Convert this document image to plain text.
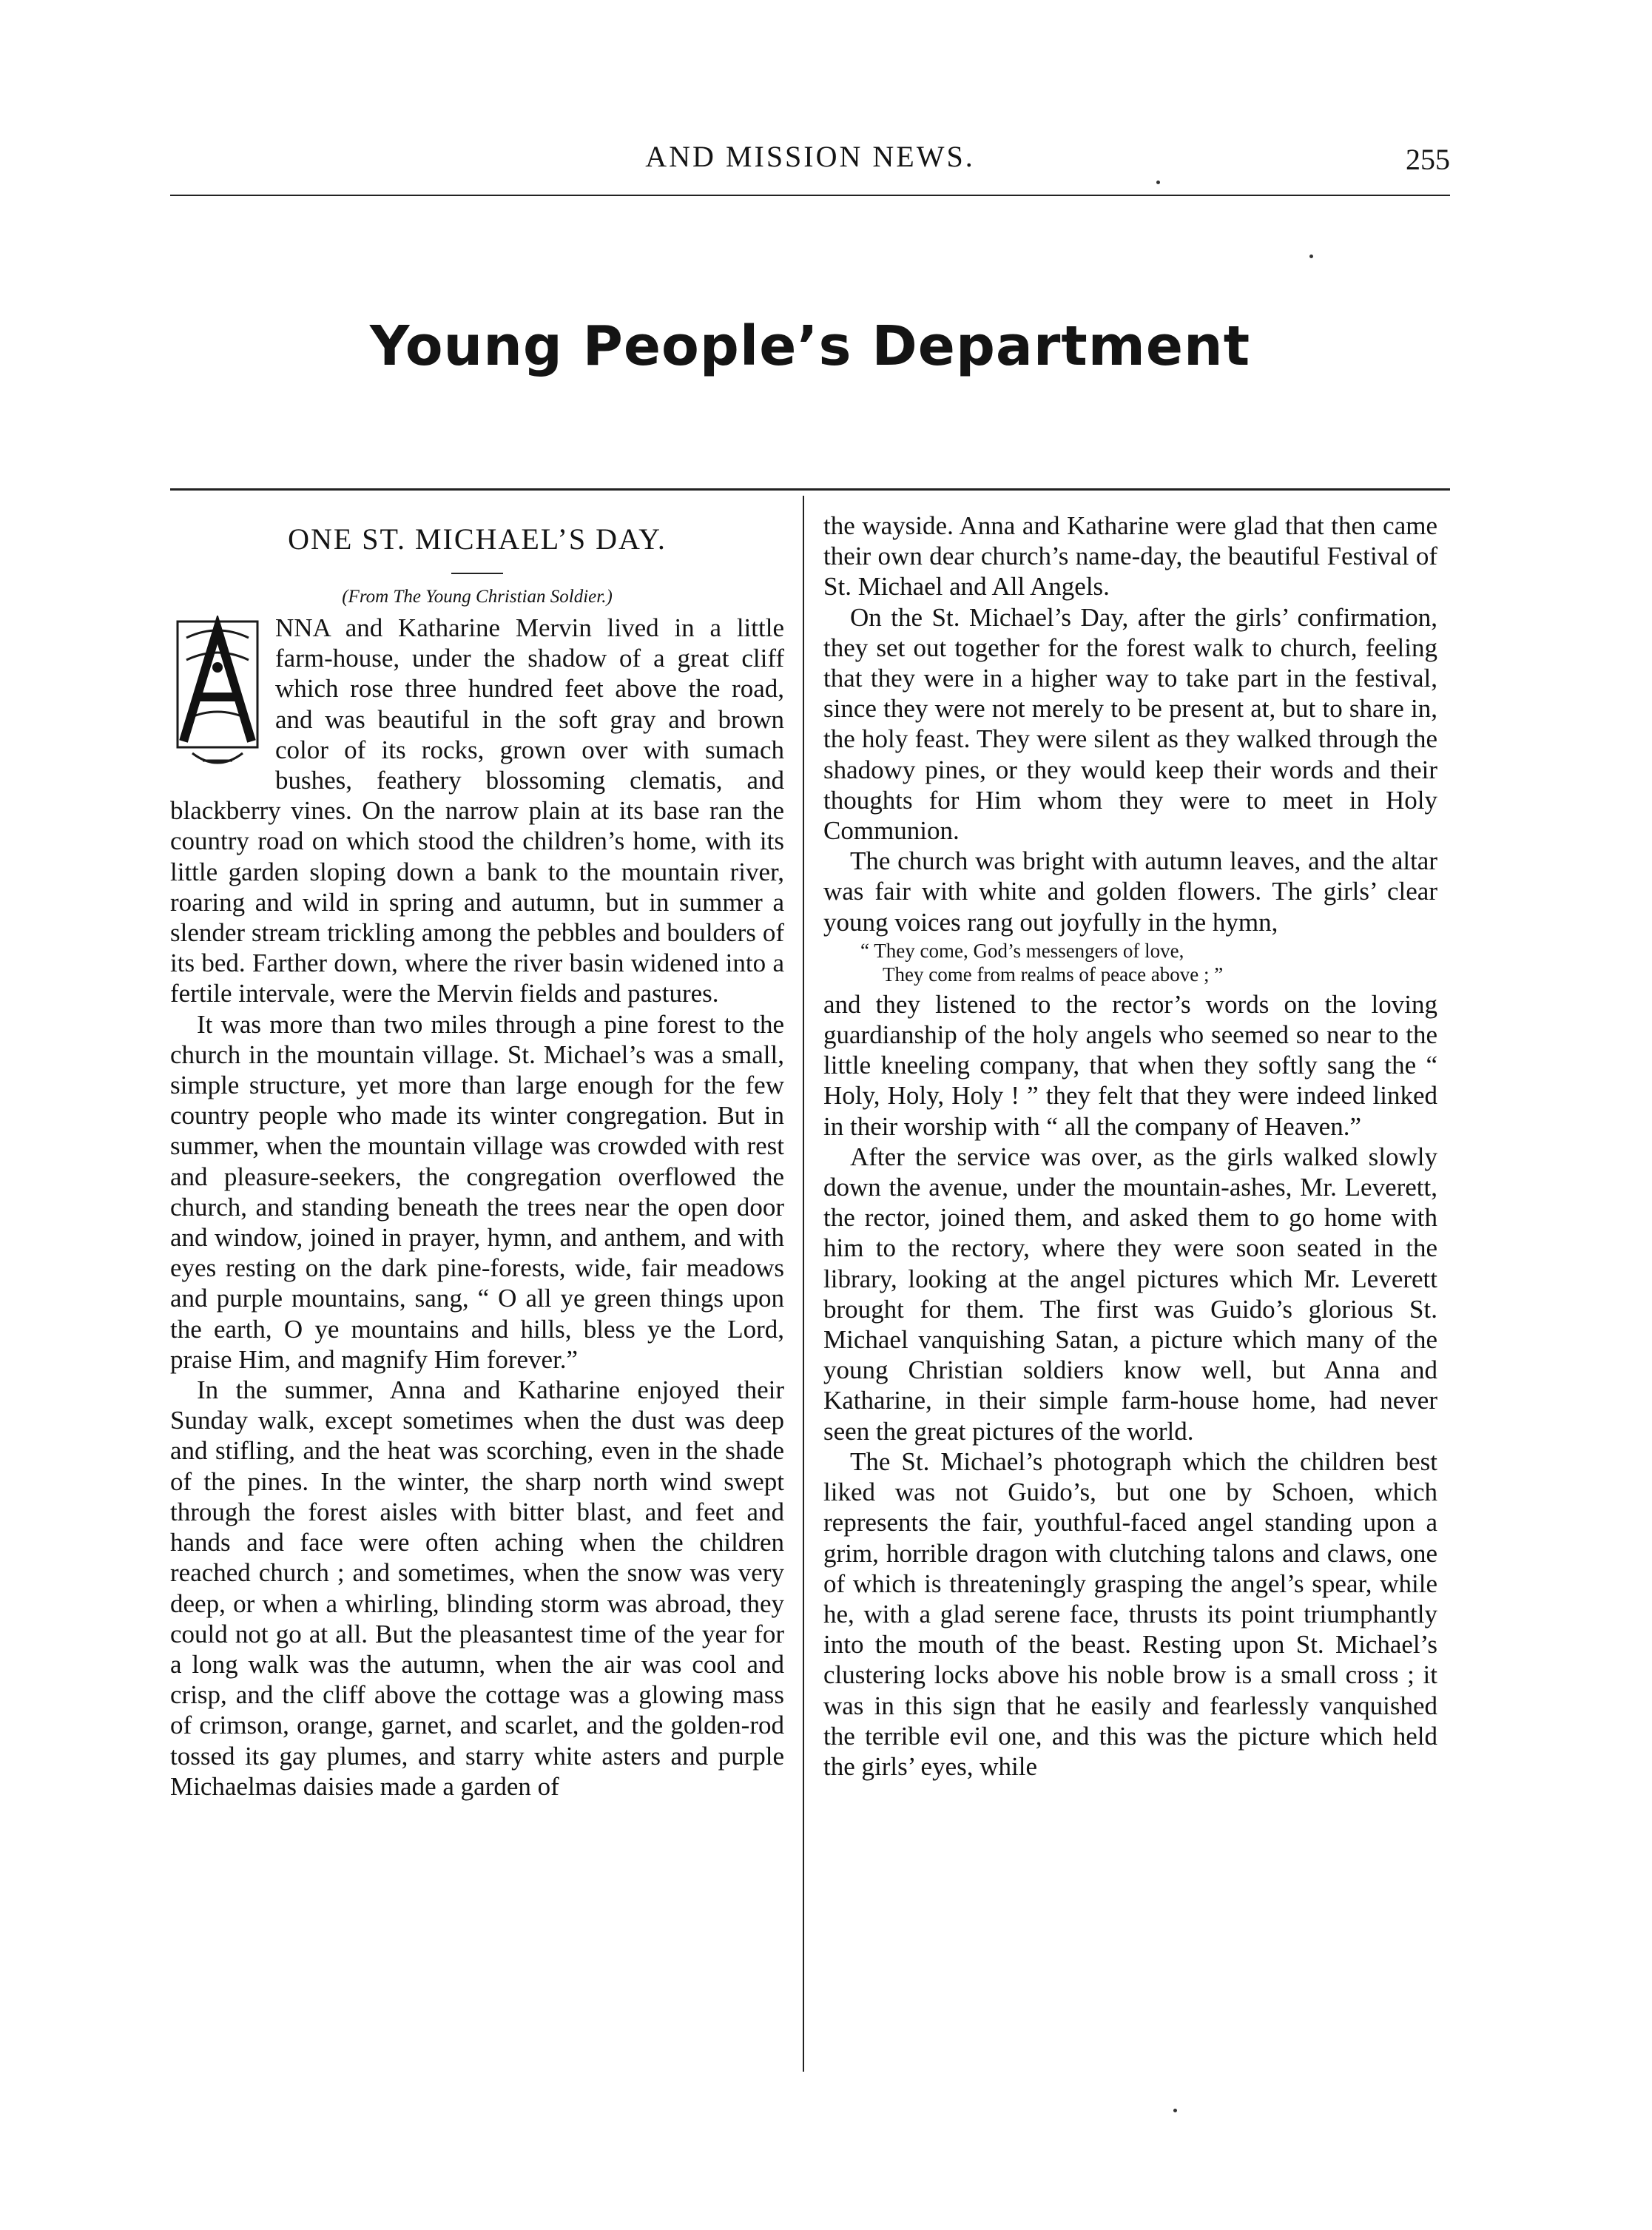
AND MISSION NEWS.	255
Young People’s Department
ONE ST. MICHAEL’S DAY.
(From The Young Christian Soldier.)

NNA and Katharine Mervin lived in a little farm-house, under the shadow of a great cliff which rose three hundred feet above the road, and was beautiful in the soft gray and brown color of its rocks, grown over with sumach bushes, feathery blossoming clematis, and blackberry vines. On the narrow plain at its base ran the country road on which stood the children’s home, with its little garden sloping down a bank to the mountain river, roaring and wild in spring and autumn, but in summer a slender stream trickling among the pebbles and boulders of its bed. Farther down, where the river basin widened into a fertile intervale, were the Mervin fields and pastures.

It was more than two miles through a pine forest to the church in the mountain village. St. Michael’s was a small, simple structure, yet more than large enough for the few country people who made its winter congregation. But in summer, when the mountain village was crowded with rest and pleasure-seekers, the congregation overflowed the church, and standing beneath the trees near the open door and window, joined in prayer, hymn, and anthem, and with eyes resting on the dark pine-forests, wide, fair meadows and purple mountains, sang, “ O all ye green things upon the earth, O ye mountains and hills, bless ye the Lord, praise Him, and magnify Him forever.”

In the summer, Anna and Katharine enjoyed their Sunday walk, except sometimes when the dust was deep and stifling, and the heat was scorching, even in the shade of the pines. In the winter, the sharp north wind swept through the forest aisles with bitter blast, and feet and hands and face were often aching when the children reached church ; and sometimes, when the snow was very deep, or when a whirling, blinding storm was abroad, they could not go at all. But the pleasantest time of the year for a long walk was the autumn, when the air was cool and crisp, and the cliff above the cottage was a glowing mass of crimson, orange, garnet, and scarlet, and the golden-rod tossed its gay plumes, and starry white asters and purple Michaelmas daisies made a garden of

the wayside. Anna and Katharine were glad that then came their own dear church’s name-day, the beautiful Festival of St. Michael and All Angels.

On the St. Michael’s Day, after the girls’ confirmation, they set out together for the forest walk to church, feeling that they were in a higher way to take part in the festival, since they were not merely to be present at, but to share in, the holy feast. They were silent as they walked through the shadowy pines, or they would keep their words and their thoughts for Him whom they were to meet in Holy Communion.

The church was bright with autumn leaves, and the altar was fair with white and golden flowers. The girls’ clear young voices rang out joyfully in the hymn,

“ They come, God’s messengers of love,
They come from realms of peace above ; ”

and they listened to the rector’s words on the loving guardianship of the holy angels who seemed so near to the little kneeling company, that when they softly sang the “ Holy, Holy, Holy ! ” they felt that they were indeed linked in their worship with “ all the company of Heaven.”

After the service was over, as the girls walked slowly down the avenue, under the mountain-ashes, Mr. Leverett, the rector, joined them, and asked them to go home with him to the rectory, where they were soon seated in the library, looking at the angel pictures which Mr. Leverett brought for them. The first was Guido’s glorious St. Michael vanquishing Satan, a picture which many of the young Christian soldiers know well, but Anna and Katharine, in their simple farm-house home, had never seen the great pictures of the world.

The St. Michael’s photograph which the children best liked was not Guido’s, but one by Schoen, which represents the fair, youthful-faced angel standing upon a grim, horrible dragon with clutching talons and claws, one of which is threateningly grasping the angel’s spear, while he, with a glad serene face, thrusts its point triumphantly into the mouth of the beast. Resting upon St. Michael’s clustering locks above his noble brow is a small cross ; it was in this sign that he easily and fearlessly vanquished the terrible evil one, and this was the picture which held the girls’ eyes, while
